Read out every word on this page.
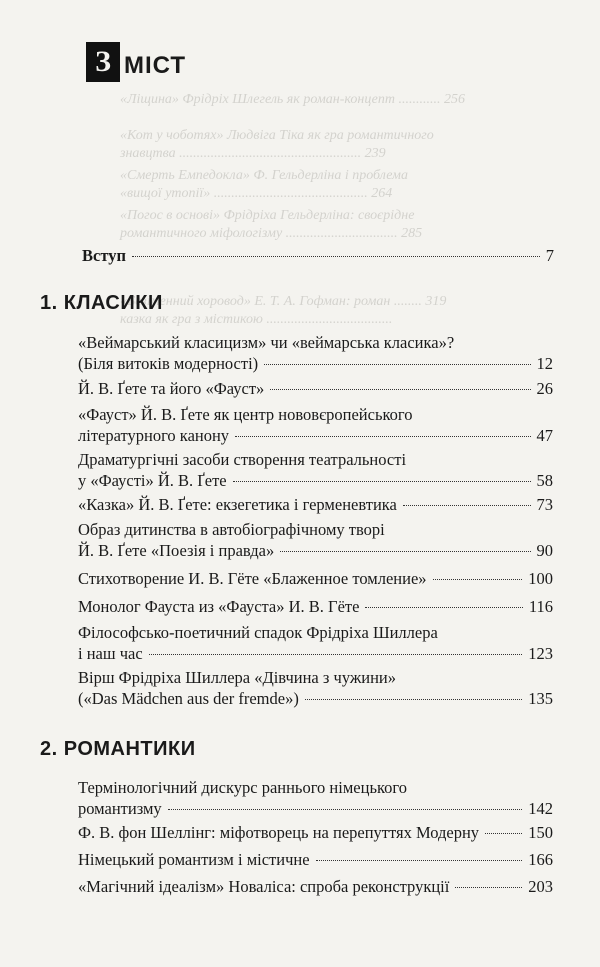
«Ліщина» Фрідріх Шлегель як роман-концепт ............ 256
«Кот у чоботях» Людвіга Тіка як гра романтичного
знавцтва .................................................... 239
«Смерть Емпедокла» Ф. Гельдерліна і проблема
«вищої утопії» ............................................ 264
«Погос в основі» Фрідріха Гельдерліна: своєрідне
романтичного міфологізму ................................ 285
«Безіменний хоровод» Е. Т. А. Гофман: роман ........ 319
казка як гра з містикою ....................................
З МІСТ
Вступ	7
1. КЛАСИКИ
2. РОМАНТИКИ
«Веймарський класицизм» чи «веймарська класика»?
(Біля витоків модерності)	12
Й. В. Ґете та його «Фауст»	26
«Фауст» Й. В. Ґете як центр нововєропейського
літературного канону	47
Драматургічні засоби створення театральності
у «Фаусті» Й. В. Ґете	58
«Казка» Й. В. Ґете: екзегетика і герменевтика	73
Образ дитинства в автобіографічному творі
Й. В. Ґете «Поезія і правда»	90
Стихотворение И. В. Гёте «Блаженное томление»	100
Монолог Фауста из «Фауста» И. В. Гёте	116
Філософсько-поетичний спадок Фрідріха Шиллера
і наш час	123
Вірш Фрідріха Шиллера «Дівчина з чужини»
(«Das Mädchen aus der fremde»)	135
Термінологічний дискурс раннього німецького
романтизму	142
Ф. В. фон Шеллінг: міфотворець на перепуттях Модерну	150
Німецький романтизм і містичне	166
«Магічний ідеалізм» Новаліса: спроба реконструкції	203
